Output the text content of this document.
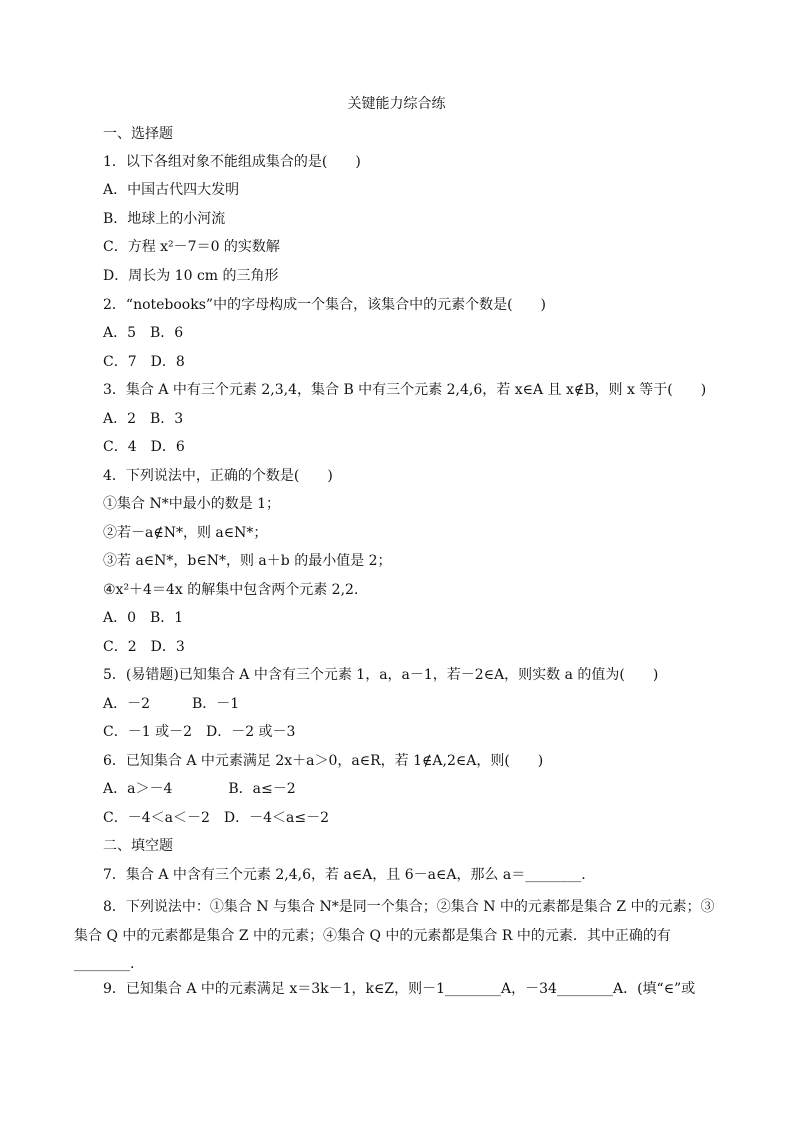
关键能力综合练
一、选择题
1．以下各组对象不能组成集合的是(　　)
A．中国古代四大发明
B．地球上的小河流
C．方程 x²－7＝0 的实数解
D．周长为 10 cm 的三角形
2．“notebooks”中的字母构成一个集合，该集合中的元素个数是(　　)
A．5　B．6
C．7　D．8
3．集合 A 中有三个元素 2,3,4，集合 B 中有三个元素 2,4,6，若 x∈A 且 x∉B，则 x 等于(　　)
A．2　B．3
C．4　D．6
4．下列说法中，正确的个数是(　　)
①集合 N*中最小的数是 1；
②若－a∉N*，则 a∈N*；
③若 a∈N*，b∈N*，则 a＋b 的最小值是 2；
④x²＋4＝4x 的解集中包含两个元素 2,2.
A．0　B．1
C．2　D．3
5．(易错题)已知集合 A 中含有三个元素 1，a，a－1，若－2∈A，则实数 a 的值为(　　)
A．－2　　　B．－1
C．－1 或－2　D．－2 或－3
6．已知集合 A 中元素满足 2x＋a＞0，a∈R，若 1∉A,2∈A，则(　　)
A．a＞－4　　　　B．a≤－2
C．－4＜a＜－2　D．－4＜a≤－2
二、填空题
7．集合 A 中含有三个元素 2,4,6，若 a∈A，且 6－a∈A，那么 a＝________.
8．下列说法中：①集合 N 与集合 N*是同一个集合；②集合 N 中的元素都是集合 Z 中的元素；③集合 Q 中的元素都是集合 Z 中的元素；④集合 Q 中的元素都是集合 R 中的元素．其中正确的有________.
9．已知集合 A 中的元素满足 x＝3k－1，k∈Z，则－1________A，－34________A．(填“∈”或
